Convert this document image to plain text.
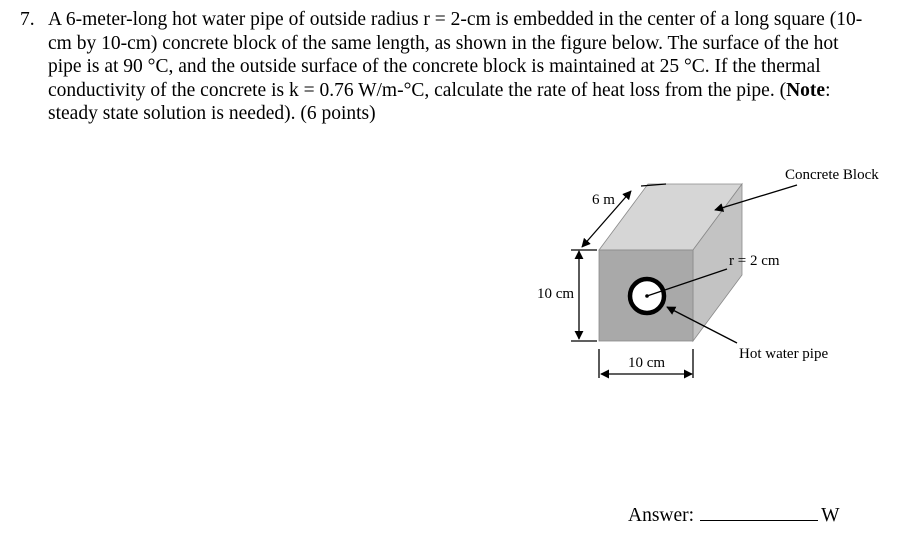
7. A 6-meter-long hot water pipe of outside radius r = 2-cm is embedded in the center of a long square (10-
cm by 10-cm) concrete block of the same length, as shown in the figure below. The surface of the hot
pipe is at 90 °C, and the outside surface of the concrete block is maintained at 25 °C. If the thermal
conductivity of the concrete is k = 0.76 W/m-°C, calculate the rate of heat loss from the pipe. (Note:
steady state solution is needed). (6 points)
6 m
Concrete Block
r = 2 cm
10 cm
10 cm
Hot water pipe
Answer:	W
